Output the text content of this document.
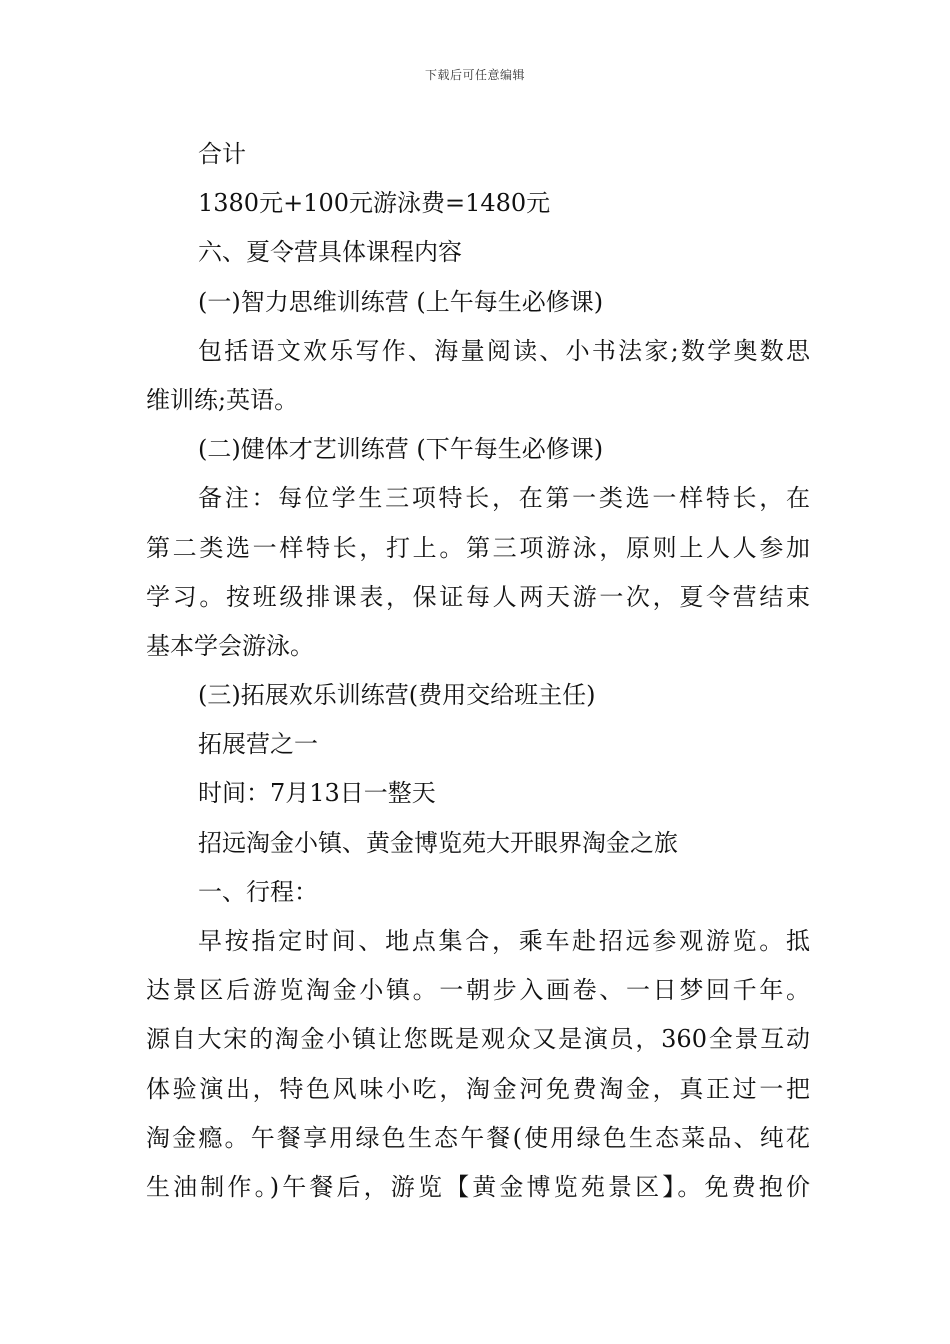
下载后可任意编辑
合计
1380元+100元游泳费=1480元
六、夏令营具体课程内容
(一)智力思维训练营 (上午每生必修课)
包括语文欢乐写作、海量阅读、小书法家;数学奥数思
维训练;英语。
(二)健体才艺训练营 (下午每生必修课)
备注：每位学生三项特长，在第一类选一样特长，在
第二类选一样特长，打上。第三项游泳，原则上人人参加
学习。按班级排课表，保证每人两天游一次，夏令营结束
基本学会游泳。
(三)拓展欢乐训练营(费用交给班主任)
拓展营之一
时间：7月13日一整天
招远淘金小镇、黄金博览苑大开眼界淘金之旅
一、行程：
早按指定时间、地点集合，乘车赴招远参观游览。抵
达景区后游览淘金小镇。一朝步入画卷、一日梦回千年。
源自大宋的淘金小镇让您既是观众又是演员，360全景互动
体验演出，特色风味小吃，淘金河免费淘金，真正过一把
淘金瘾。午餐享用绿色生态午餐(使用绿色生态菜品、纯花
生油制作。)午餐后，游览【黄金博览苑景区】。免费抱价
